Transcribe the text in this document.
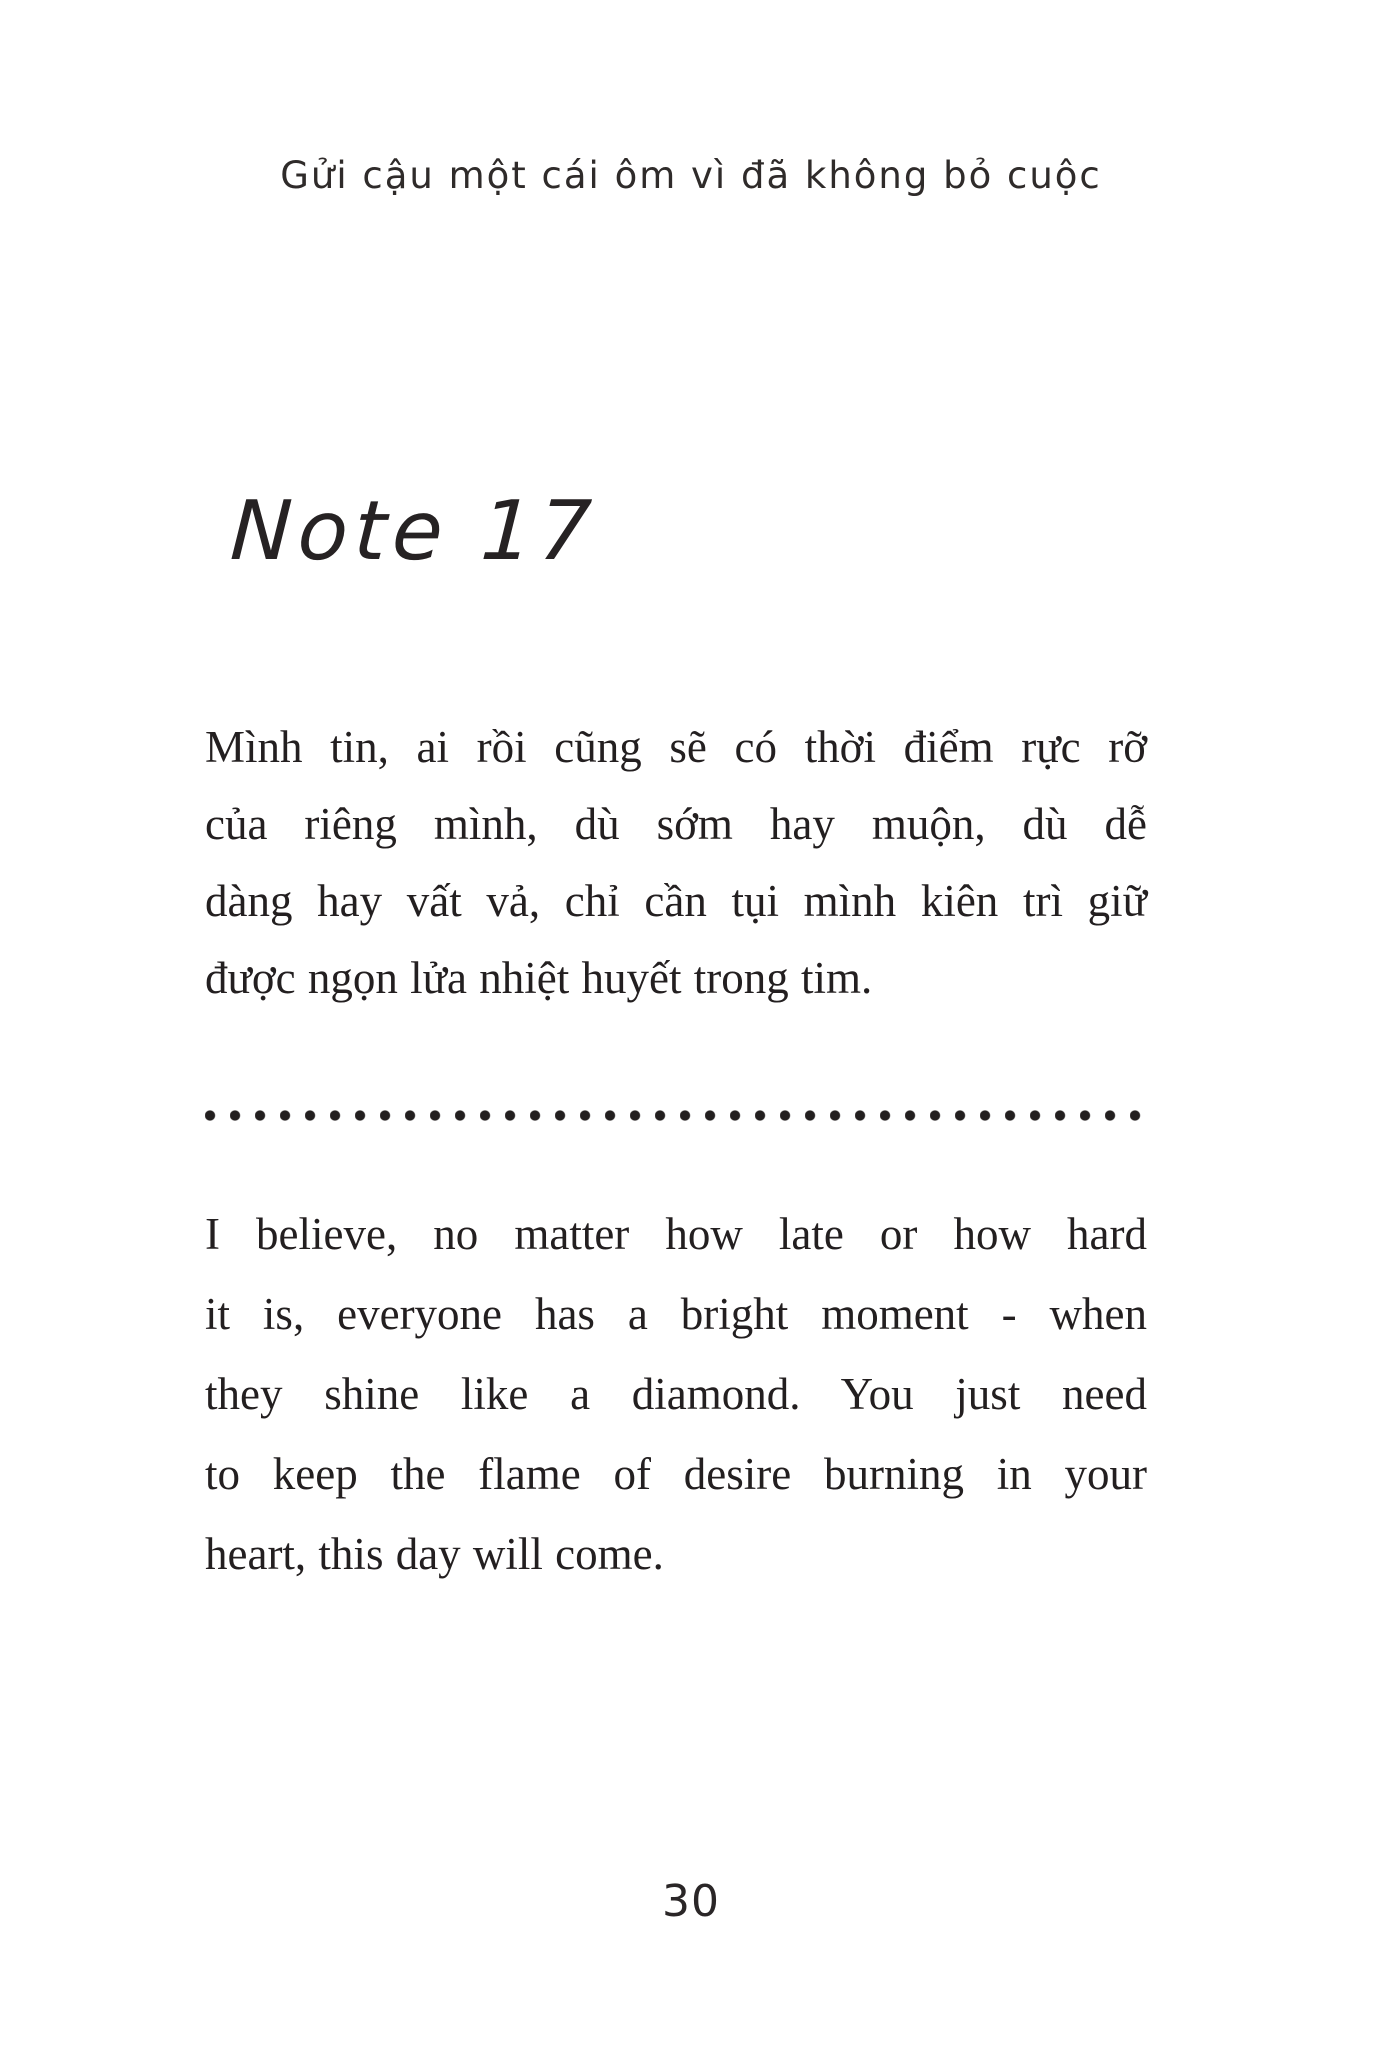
Gửi cậu một cái ôm vì đã không bỏ cuộc
Note 17
Mình tin, ai rồi cũng sẽ có thời điểm rực rỡ
của riêng mình, dù sớm hay muộn, dù dễ
dàng hay vất vả, chỉ cần tụi mình kiên trì giữ
được ngọn lửa nhiệt huyết trong tim.
I believe, no matter how late or how hard
it is, everyone has a bright moment - when
they shine like a diamond. You just need
to keep the flame of desire burning in your
heart, this day will come.
30
